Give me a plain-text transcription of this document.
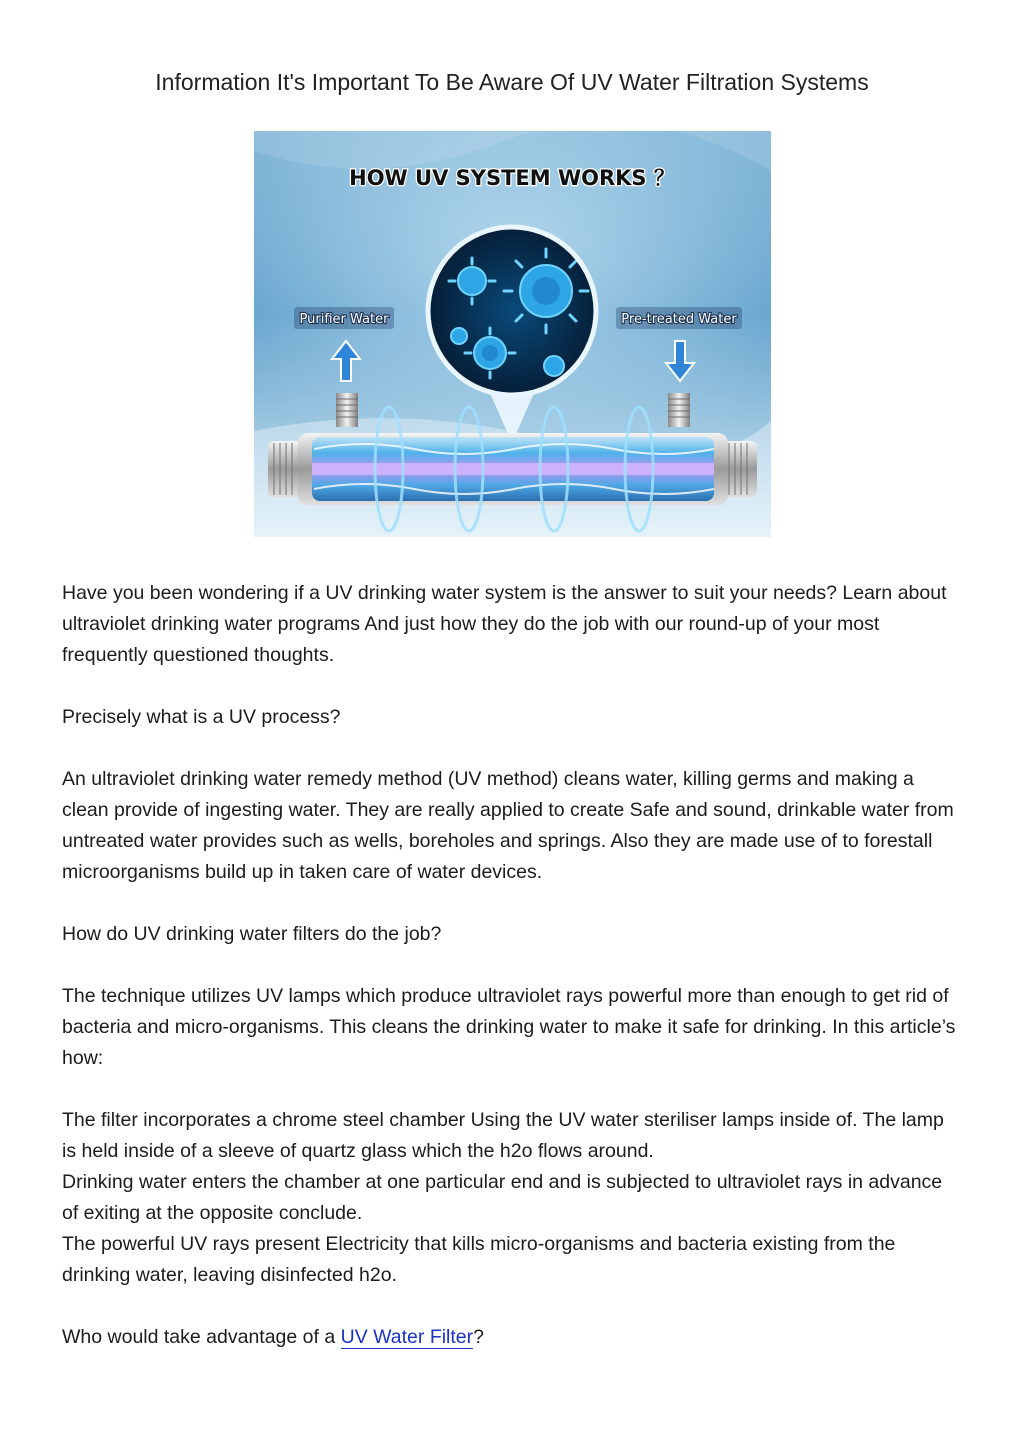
Information It's Important To Be Aware Of UV Water Filtration Systems
HOW UV SYSTEM WORKS ？
Purifier Water	Pre-treated Water

Have you been wondering if a UV drinking water system is the answer to suit your needs? Learn about ultraviolet drinking water programs And just how they do the job with our round-up of your most frequently questioned thoughts.

Precisely what is a UV process?

An ultraviolet drinking water remedy method (UV method) cleans water, killing germs and making a clean provide of ingesting water. They are really applied to create Safe and sound, drinkable water from untreated water provides such as wells, boreholes and springs. Also they are made use of to forestall microorganisms build up in taken care of water devices.

How do UV drinking water filters do the job?

The technique utilizes UV lamps which produce ultraviolet rays powerful more than enough to get rid of bacteria and micro-organisms. This cleans the drinking water to make it safe for drinking. In this article’s how:

The filter incorporates a chrome steel chamber Using the UV water steriliser lamps inside of. The lamp is held inside of a sleeve of quartz glass which the h2o flows around.

Drinking water enters the chamber at one particular end and is subjected to ultraviolet rays in advance of exiting at the opposite conclude.

The powerful UV rays present Electricity that kills micro-organisms and bacteria existing from the drinking water, leaving disinfected h2o.

Who would take advantage of a UV Water Filter?
